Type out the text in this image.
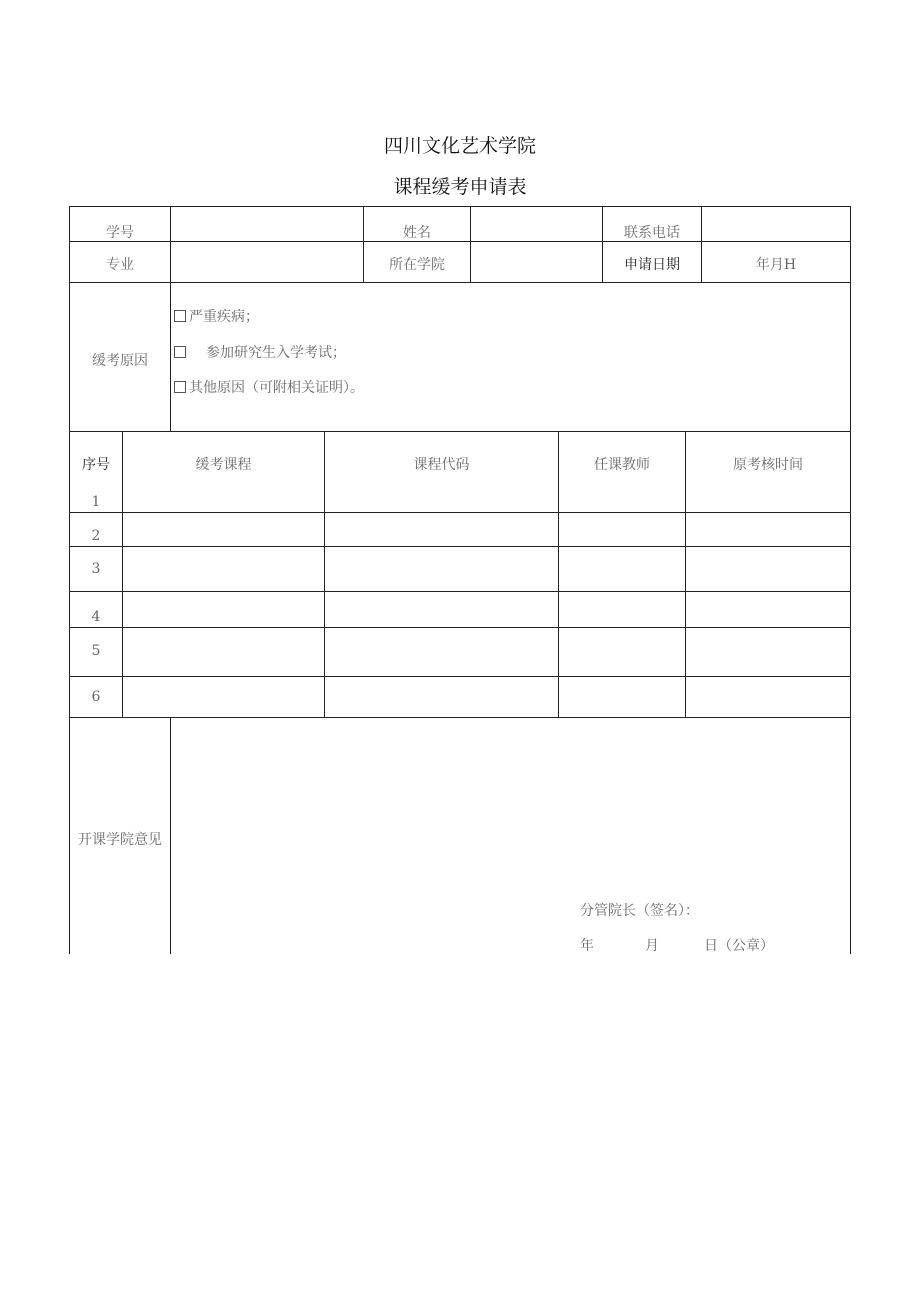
四川文化艺术学院
课程缓考申请表
学号	姓名	联系电话
专业	所在学院	申请日期	年月H
缓考原因
严重疾病；
参加研究生入学考试；
其他原因（可附相关证明）。
序号	缓考课程	课程代码	任课教师	原考核时间
1
2
3
4
5
6
开课学院意见
分管院长（签名）：
年	月	日（公章）
